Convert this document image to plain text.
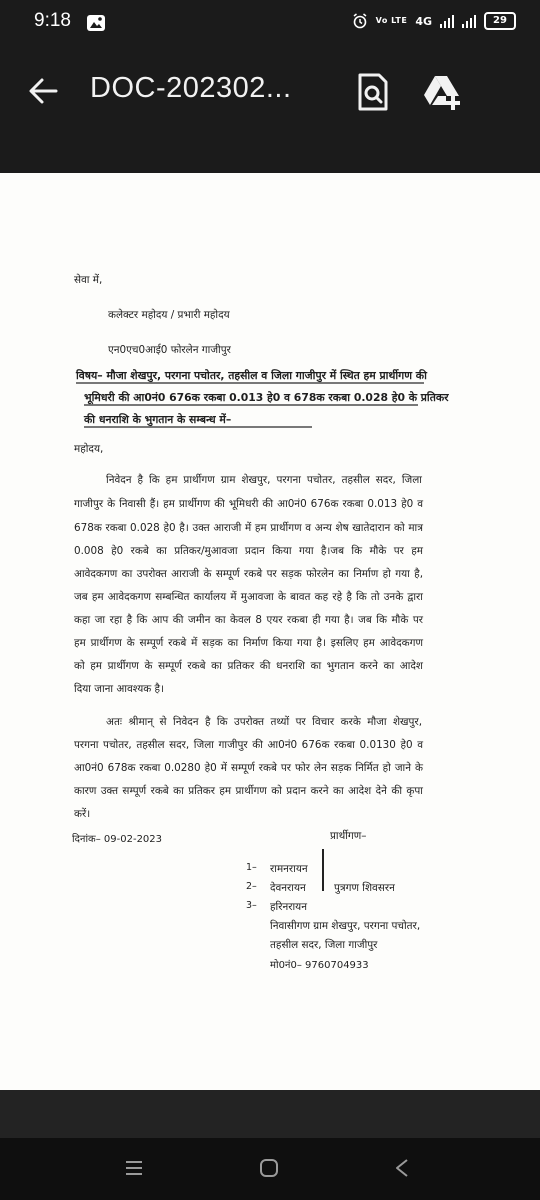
9:18	Vo LTE 4G	29
DOC-202302...
सेवा में,
कलेक्टर महोदय / प्रभारी महोदय
एन0एच0आई0 फोरलेन गाजीपुर
विषय– मौजा शेखपुर, परगना पचोतर, तहसील व जिला गाजीपुर में स्थित हम प्रार्थीगण की
भूमिधरी की आ0नं0 676क रकबा 0.013 हे0 व 678क रकबा 0.028 हे0 के प्रतिकर
की धनराशि के भुगतान के सम्बन्ध में–
महोदय,
निवेदन है कि हम प्रार्थीगण ग्राम शेखपुर, परगना पचोतर, तहसील सदर, जिला
गाजीपुर के निवासी हैं। हम प्रार्थीगण की भूमिधरी की आ0नं0 676क रकबा 0.013 हे0 व
678क रकबा 0.028 हे0 है। उक्त आराजी में हम प्रार्थीगण व अन्य शेष खातेदारान को मात्र
0.008 हे0 रकबे का प्रतिकर/मुआवजा प्रदान किया गया है।जब कि मौके पर हम
आवेदकगण का उपरोक्त आराजी के सम्पूर्ण रकबे पर सड़क फोरलेन का निर्माण हो गया है,
जब हम आवेदकगण सम्बन्धित कार्यालय में मुआवजा के बावत कह रहे है कि तो उनके द्वारा
कहा जा रहा है कि आप की जमीन का केवल 8 एयर रकबा ही गया है। जब कि मौके पर
हम प्रार्थीगण के सम्पूर्ण रकबे में सड़क का निर्माण किया गया है। इसलिए हम आवेदकगण
को हम प्रार्थीगण के सम्पूर्ण रकबे का प्रतिकर की धनराशि का भुगतान करने का आदेश
दिया जाना आवश्यक है।
अतः श्रीमान् से निवेदन है कि उपरोक्त तथ्यों पर विचार करके मौजा शेखपुर,
परगना पचोतर, तहसील सदर, जिला गाजीपुर की आ0नं0 676क रकबा 0.0130 हे0 व
आ0नं0 678क रकबा 0.0280 हे0 में सम्पूर्ण रकबे पर फोर लेन सड़क निर्मित हो जाने के
कारण उक्त सम्पूर्ण रकबे का प्रतिकर हम प्रार्थीगण को प्रदान करने का आदेश देने की कृपा
करें।
दिनांक– 09-02-2023	प्रार्थीगण–
1– रामनरायन
2– देवनरायन
3– हरिनरायन
पुत्रगण शिवसरन
निवासीगण ग्राम शेखपुर, परगना पचोतर,
तहसील सदर, जिला गाजीपुर
मो0नं0– 9760704933
